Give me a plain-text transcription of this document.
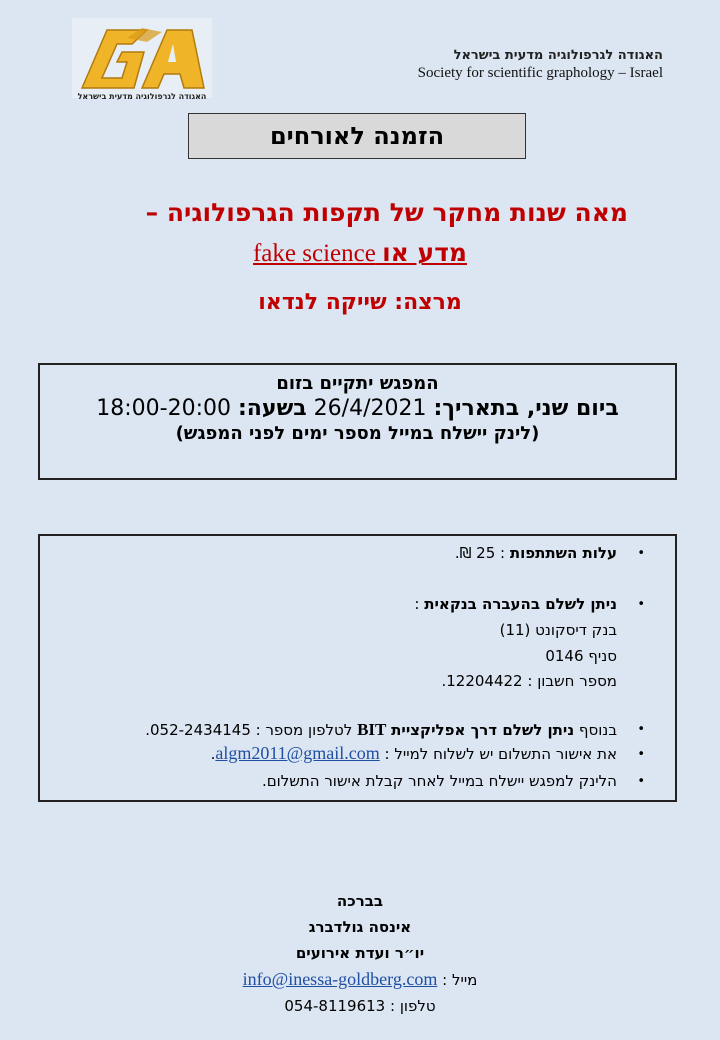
האגודה לגרפולוגיה מדעית בישראל
האגודה לגרפולוגיה מדעית בישראל
Society for scientific graphology – Israel
הזמנה לאורחים
מאה שנות מחקר של תקפות הגרפולוגיה –
fake science מדע או
מרצה: שייקה לנדאו
המפגש יתקיים בזום
ביום שני, בתאריך: 26/4/2021 בשעה: 18:00-20:00
(לינק יישלח במייל מספר ימים לפני המפגש)
•
עלות השתתפות : 25 ₪.
•
ניתן לשלם בהעברה בנקאית :
בנק דיסקונט (11)
סניף 0146
מספר חשבון : 12204422.
•
בנוסף ניתן לשלם דרך אפליקציית BIT לטלפון מספר : 052-2434145.
•
את אישור התשלום יש לשלוח למייל : algm2011@gmail.com.
•
הלינק למפגש יישלח במייל לאחר קבלת אישור התשלום.
בברכה
אינסה גולדברג
יו״ר ועדת אירועים
מייל : info@inessa-goldberg.com
טלפון : 054-8119613
